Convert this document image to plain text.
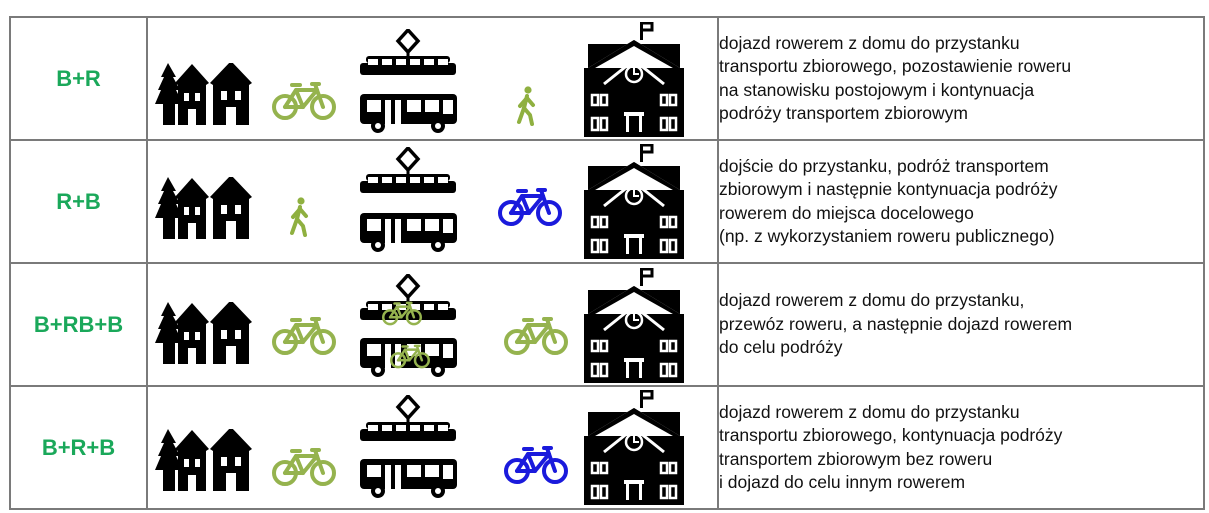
B+R		dojazd rowerem z domu do przystanku
transportu zbiorowego, pozostawienie roweru
na stanowisku postojowym i kontynuacja
podróży transportem zbiorowym

R+B		dojście do przystanku, podróż transportem
zbiorowym i następnie kontynuacja podróży
rowerem do miejsca docelowego
(np. z wykorzystaniem roweru publicznego)

B+RB+B		dojazd rowerem z domu do przystanku,
przewóz roweru, a następnie dojazd rowerem
do celu podróży

B+R+B		dojazd rowerem z domu do przystanku
transportu zbiorowego, kontynuacja podróży
transportem zbiorowym bez roweru
i dojazd do celu innym rowerem
